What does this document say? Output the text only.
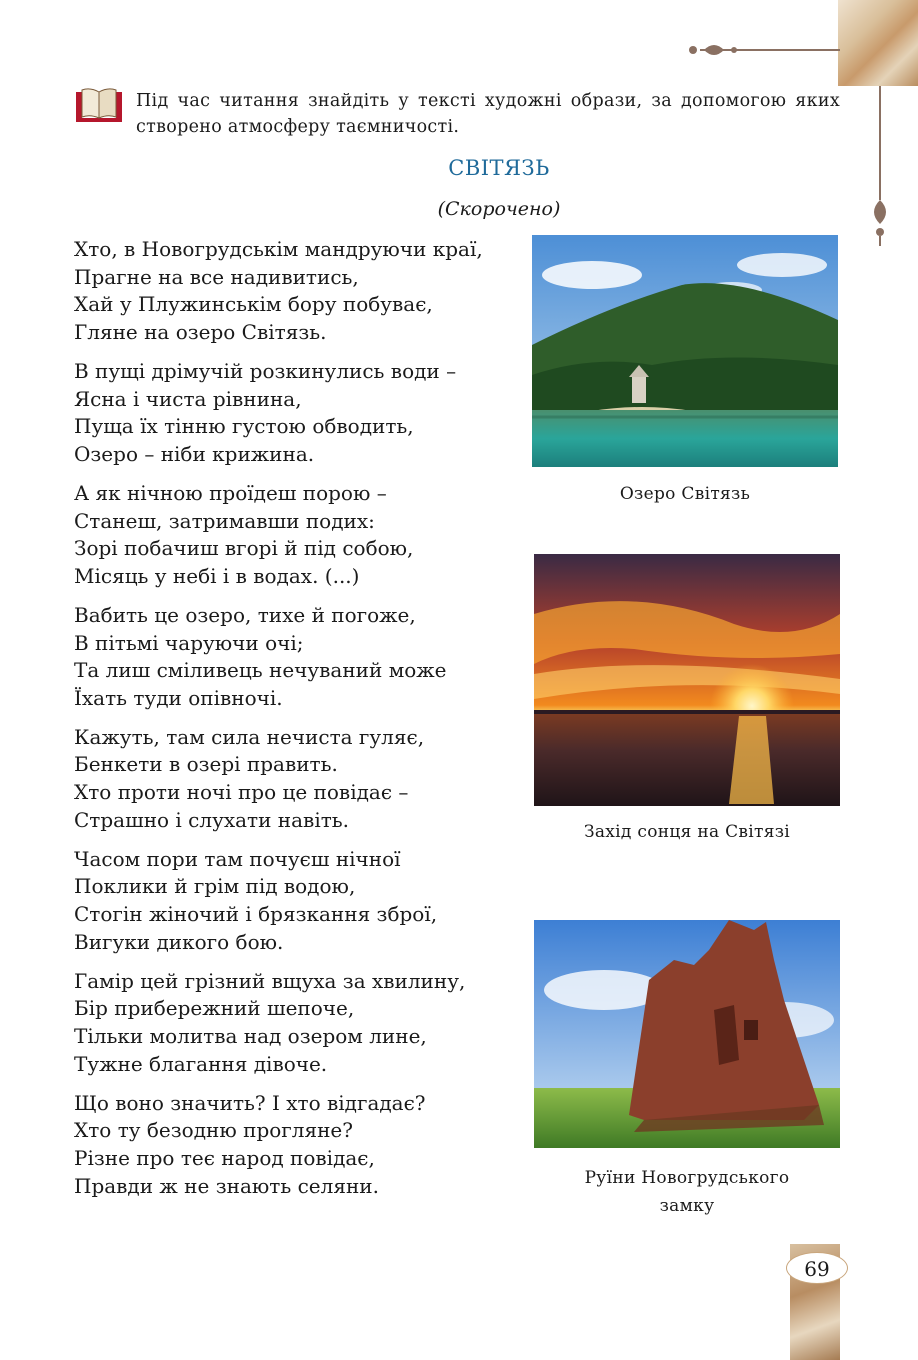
Під час читання знайдіть у тексті художні образи, за допомогою яких створено атмосферу таємничості.
СВІТЯЗЬ
(Скорочено)
Хто, в Новогрудськім мандруючи краї,
Прагне на все надивитись,
Хай у Плужинськім бору побуває,
Гляне на озеро Світязь.
В пущі дрімучій розкинулись води –
Ясна і чиста рівнина,
Пуща їх тінню густою обводить,
Озеро – ніби крижина.
А як нічною проїдеш порою –
Станеш, затримавши подих:
Зорі побачиш вгорі й під собою,
Місяць у небі і в водах. (...)
Вабить це озеро, тихе й погоже,
В пітьмі чаруючи очі;
Та лиш сміливець нечуваний може
Їхать туди опівночі.
Кажуть, там сила нечиста гуляє,
Бенкети в озері править.
Хто проти ночі про це повідає –
Страшно і слухати навіть.
Часом пори там почуєш нічної
Поклики й грім під водою,
Стогін жіночий і брязкання зброї,
Вигуки дикого бою.
Гамір цей грізний вщуха за хвилину,
Бір прибережний шепоче,
Тільки молитва над озером лине,
Тужне благання дівоче.
Що воно значить? І хто відгадає?
Хто ту безодню прогляне?
Різне про теє народ повідає,
Правди ж не знають селяни.
Озеро Світязь
Захід сонця на Світязі
Руїни Новогрудського
замку
69
